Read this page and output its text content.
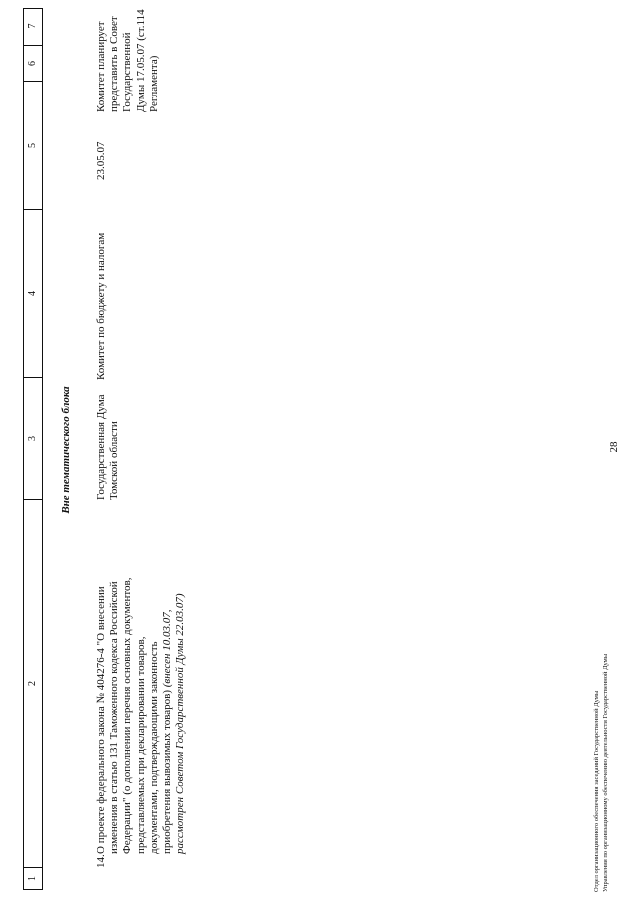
28
1
2
3
4
5
6
7
Вне тематического блока
14.
О проекте федерального закона № 404276-4 "О внесении изменения в статью 131 Таможенного кодекса Российской Федерации" (о дополнении перечня основных документов, представляемых при декларировании товаров, документами, подтверждающими законность приобретения вывозимых товаров) (внесен 10.03.07, рассмотрен Советом Государственной Думы 22.03.07)
Государственная Дума Томской области
Комитет по бюджету и налогам
23.05.07
Комитет планирует представить в Совет Государственной Думы 17.05.07 (ст.114 Регламента)
Отдел организационного обеспечения заседаний Государственной Думы Управления по организационному обеспечению деятельности Государственной Думы
